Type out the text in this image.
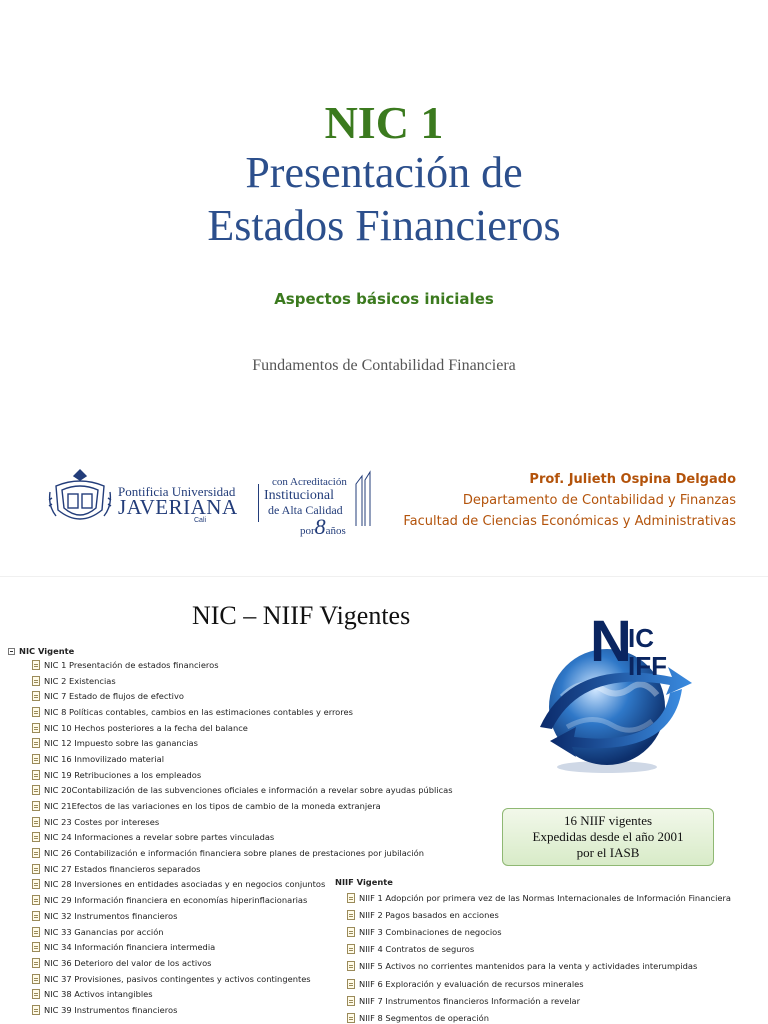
NIC 1
Presentación de
Estados Financieros
Aspectos básicos iniciales
Fundamentos de Contabilidad Financiera
Pontificia Universidad
JAVERIANA
Cali
con Acreditación
Institucional
de Alta Calidad
por8años
Prof. Julieth Ospina Delgado
Departamento de Contabilidad y Finanzas
Facultad de Ciencias Económicas y Administrativas
NIC – NIIF Vigentes
NIC Vigente
NIC 1 Presentación de estados financieros
NIC 2 Existencias
NIC 7 Estado de flujos de efectivo
NIC 8 Políticas contables, cambios en las estimaciones contables y errores
NIC 10 Hechos posteriores a la fecha del balance
NIC 12 Impuesto sobre las ganancias
NIC 16 Inmovilizado material
NIC 19 Retribuciones a los empleados
NIC 20Contabilización de las subvenciones oficiales e información a revelar sobre ayudas públicas
NIC 21Efectos de las variaciones en los tipos de cambio de la moneda extranjera
NIC 23 Costes por intereses
NIC 24 Informaciones a revelar sobre partes vinculadas
NIC 26 Contabilización e información financiera sobre planes de prestaciones por jubilación
NIC 27 Estados financieros separados
NIC 28 Inversiones en entidades asociadas y en negocios conjuntos
NIC 29 Información financiera en economías hiperinflacionarias
NIC 32 Instrumentos financieros
NIC 33 Ganancias por acción
NIC 34 Información financiera intermedia
NIC 36 Deterioro del valor de los activos
NIC 37 Provisiones, pasivos contingentes y activos contingentes
NIC 38 Activos intangibles
NIC 39 Instrumentos financieros
N
IC
IFF
16 NIIF vigentes
Expedidas desde el año 2001
por el IASB
NIIF Vigente
NIIF 1 Adopción por primera vez de las Normas Internacionales de Información Financiera
NIIF 2 Pagos basados en acciones
NIIF 3 Combinaciones de negocios
NIIF 4 Contratos de seguros
NIIF 5 Activos no corrientes mantenidos para la venta y actividades interumpidas
NIIF 6 Exploración y evaluación de recursos minerales
NIIF 7 Instrumentos financieros Información a revelar
NIIF 8 Segmentos de operación
